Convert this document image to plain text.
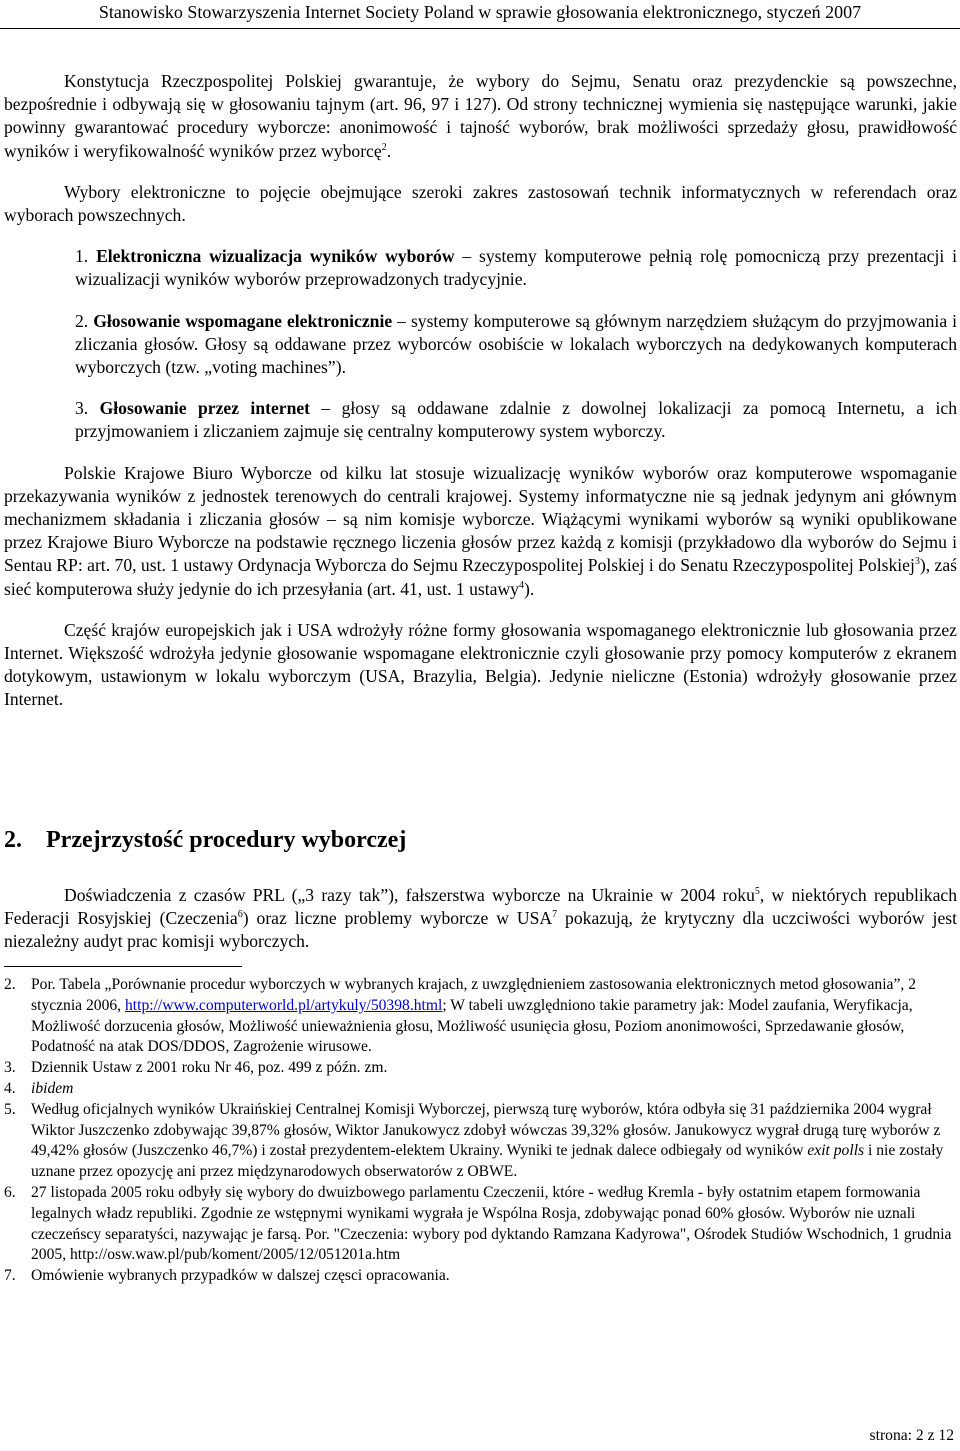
Stanowisko Stowarzyszenia Internet Society Poland w sprawie głosowania elektronicznego, styczeń 2007

Konstytucja Rzeczpospolitej Polskiej gwarantuje, że wybory do Sejmu, Senatu oraz prezydenckie są powszechne, bezpośrednie i odbywają się w głosowaniu tajnym (art. 96, 97 i 127). Od strony technicznej wymienia się następujące warunki, jakie powinny gwarantować procedury wyborcze: anonimowość i tajność wyborów, brak możliwości sprzedaży głosu, prawidłowość wyników i weryfikowalność wyników przez wyborcę$^2$.

Wybory elektroniczne to pojęcie obejmujące szeroki zakres zastosowań technik informatycznych w referendach oraz wyborach powszechnych.

1. Elektroniczna wizualizacja wyników wyborów – systemy komputerowe pełnią rolę pomocniczą przy prezentacji i wizualizacji wyników wyborów przeprowadzonych tradycyjnie.

2. Głosowanie wspomagane elektronicznie – systemy komputerowe są głównym narzędziem służącym do przyjmowania i zliczania głosów. Głosy są oddawane przez wyborców osobiście w lokalach wyborczych na dedykowanych komputerach wyborczych (tzw. „voting machines”).

3. Głosowanie przez internet – głosy są oddawane zdalnie z dowolnej lokalizacji za pomocą Internetu, a ich przyjmowaniem i zliczaniem zajmuje się centralny komputerowy system wyborczy.

Polskie Krajowe Biuro Wyborcze od kilku lat stosuje wizualizację wyników wyborów oraz komputerowe wspomaganie przekazywania wyników z jednostek terenowych do centrali krajowej. Systemy informatyczne nie są jednak jedynym ani głównym mechanizmem składania i zliczania głosów – są nim komisje wyborcze. Wiążącymi wynikami wyborów są wyniki opublikowane przez Krajowe Biuro Wyborcze na podstawie ręcznego liczenia głosów przez każdą z komisji (przykładowo dla wyborów do Sejmu i Sentau RP: art. 70, ust. 1 ustawy Ordynacja Wyborcza do Sejmu Rzeczypospolitej Polskiej i do Senatu Rzeczypospolitej Polskiej$^3$), zaś sieć komputerowa służy jedynie do ich przesyłania (art. 41, ust. 1 ustawy$^4$).

Część krajów europejskich jak i USA wdrożyły różne formy głosowania wspomaganego elektronicznie lub głosowania przez Internet. Większość wdrożyła jedynie głosowanie wspomagane elektronicznie czyli głosowanie przy pomocy komputerów z ekranem dotykowym, ustawionym w lokalu wyborczym (USA, Brazylia, Belgia). Jedynie nieliczne (Estonia) wdrożyły głosowanie przez Internet.

2. Przejrzystość procedury wyborczej

Doświadczenia z czasów PRL („3 razy tak”), fałszerstwa wyborcze na Ukrainie w 2004 roku$^5$, w niektórych republikach Federacji Rosyjskiej (Czeczenia$^6$) oraz liczne problemy wyborcze w USA$^7$ pokazują, że krytyczny dla uczciwości wyborów jest niezależny audyt prac komisji wyborczych.

2. Por. Tabela „Porównanie procedur wyborczych w wybranych krajach, z uwzględnieniem zastosowania elektronicznych metod głosowania”, 2 stycznia 2006, http://www.computerworld.pl/artykuly/50398.html; W tabeli uwzględniono takie parametry jak: Model zaufania, Weryfikacja, Możliwość dorzucenia głosów, Możliwość unieważnienia głosu, Możliwość usunięcia głosu, Poziom anonimowości, Sprzedawanie głosów, Podatność na atak DOS/DDOS, Zagrożenie wirusowe.
3. Dziennik Ustaw z 2001 roku Nr 46, poz. 499 z późn. zm.
4. ibidem
5. Według oficjalnych wyników Ukraińskiej Centralnej Komisji Wyborczej, pierwszą turę wyborów, która odbyła się 31 października 2004 wygrał Wiktor Juszczenko zdobywając 39,87% głosów, Wiktor Janukowycz zdobył wówczas 39,32% głosów. Janukowycz wygrał drugą turę wyborów z 49,42% głosów (Juszczenko 46,7%) i został prezydentem-elektem Ukrainy. Wyniki te jednak dalece odbiegały od wyników exit polls i nie zostały uznane przez opozycję ani przez międzynarodowych obserwatorów z OBWE.
6. 27 listopada 2005 roku odbyły się wybory do dwuizbowego parlamentu Czeczenii, które - według Kremla - były ostatnim etapem formowania legalnych władz republiki. Zgodnie ze wstępnymi wynikami wygrała je Wspólna Rosja, zdobywając ponad 60% głosów. Wyborów nie uznali czeczeńscy separatyści, nazywając je farsą. Por. "Czeczenia: wybory pod dyktando Ramzana Kadyrowa", Ośrodek Studiów Wschodnich, 1 grudnia 2005, http://osw.waw.pl/pub/koment/2005/12/051201a.htm
7. Omówienie wybranych przypadków w dalszej częsci opracowania.
strona: 2 z 12
